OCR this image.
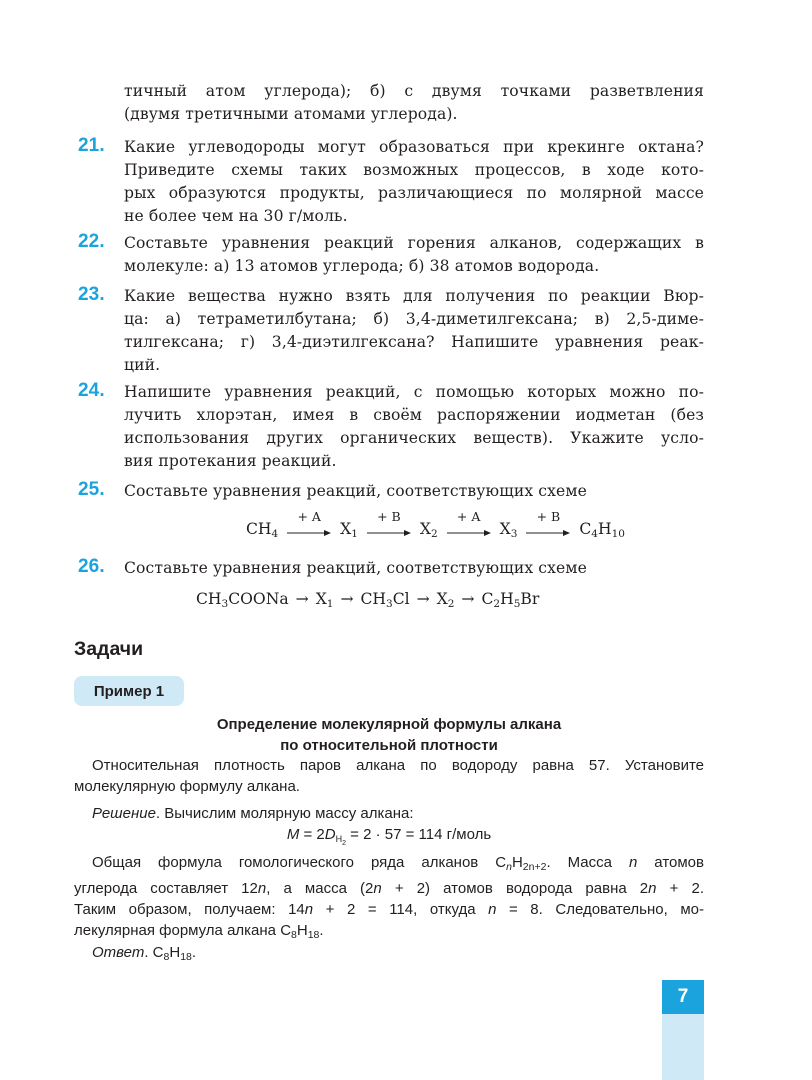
тичный атом углерода); б) с двумя точками разветвления
(двумя третичными атомами углерода).
21. Какие углеводороды могут образоваться при крекинге октана?
Приведите схемы таких возможных процессов, в ходе кото-
рых образуются продукты, различающиеся по молярной массе
не более чем на 30 г/моль.
22. Составьте уравнения реакций горения алканов, содержащих в
молекуле: а) 13 атомов углерода; б) 38 атомов водорода.
23. Какие вещества нужно взять для получения по реакции Вюр-
ца: а) тетраметилбутана; б) 3,4-диметилгексана; в) 2,5-диме-
тилгексана; г) 3,4-диэтилгексана? Напишите уравнения реак-
ций.
24. Напишите уравнения реакций, с помощью которых можно по-
лучить хлорэтан, имея в своём распоряжении иодметан (без
использования других органических веществ). Укажите усло-
вия протекания реакций.
25. Составьте уравнения реакций, соответствующих схеме
$CH_4$
+ A
$X_1$
+ B
$X_2$
+ A
$X_3$
+ B
$C_4H_{10}$
26. Составьте уравнения реакций, соответствующих схеме
$CH_3COONa \to X_1 \to CH_3Cl \to X_2 \to C_2H_5Br$
Задачи
Пример 1
Определение молекулярной формулы алкана
по относительной плотности
Относительная плотность паров алкана по водороду равна 57. Установите
молекулярную формулу алкана.
Решение. Вычислим молярную массу алкана:
$M = 2D_{H_2} = 2 \cdot 57 = 114$ г/моль
Общая формула гомологического ряда алканов $C_nH_{2n+2}$. Масса n атомов
углерода составляет 12n, а масса (2n + 2) атомов водорода равна 2n + 2.
Таким образом, получаем: 14n + 2 = 114, откуда n = 8. Следовательно, мо-
лекулярная формула алкана $C_8H_{18}$.
Ответ. $C_8H_{18}$.
7
